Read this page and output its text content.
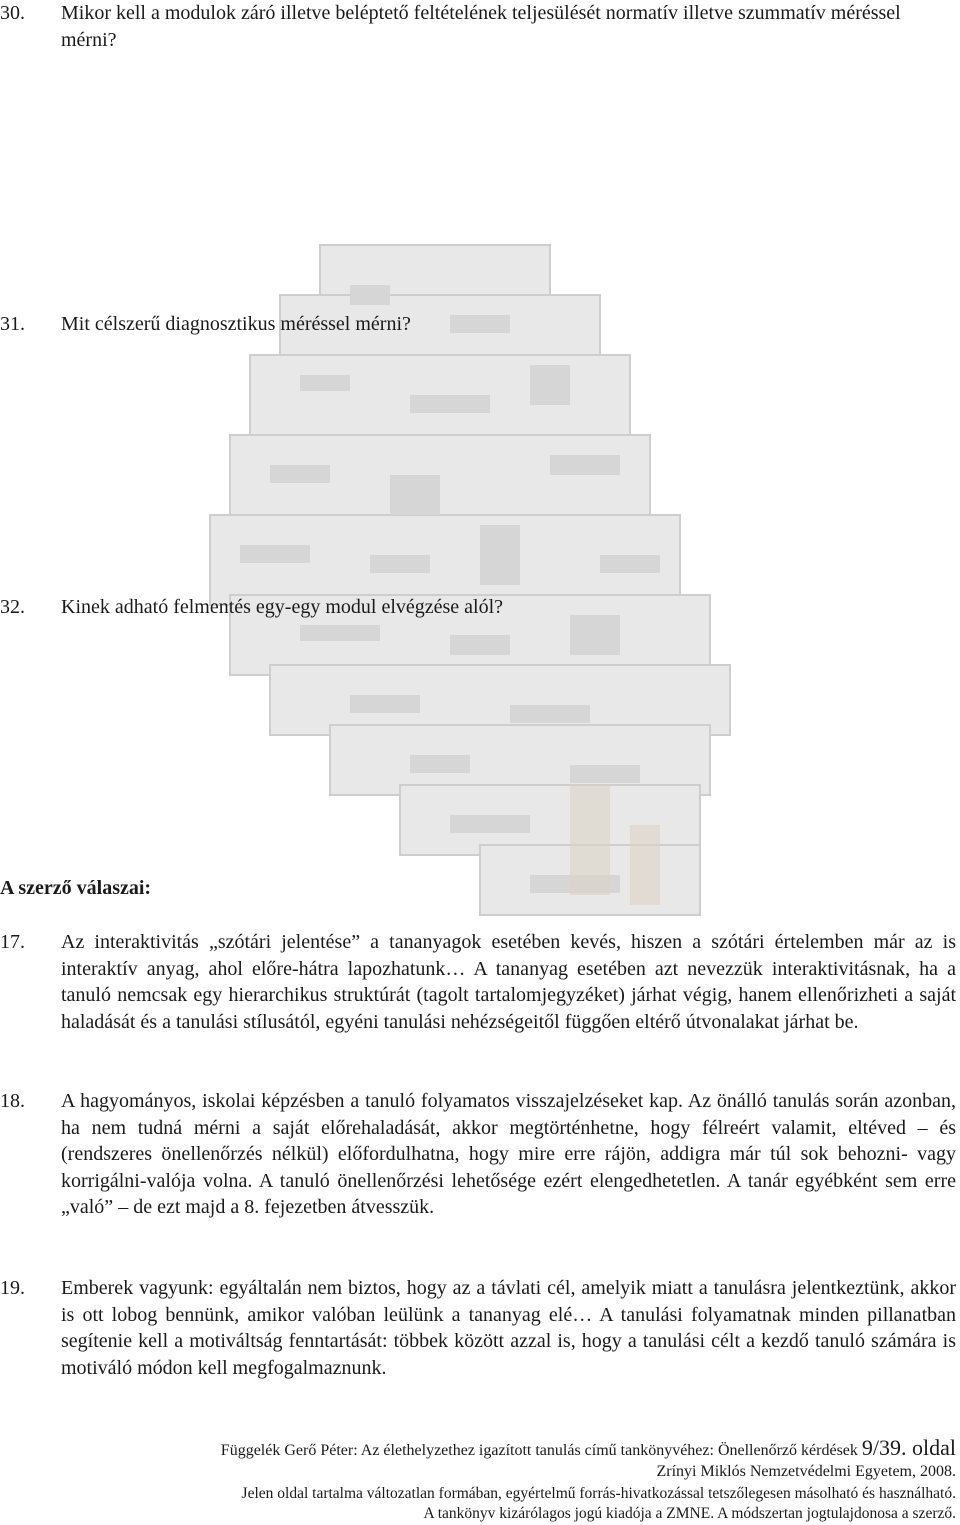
30. Mikor kell a modulok záró illetve beléptető feltételének teljesülését normatív illetve szummatív méréssel mérni?
31. Mit célszerű diagnosztikus méréssel mérni?
32. Kinek adható felmentés egy-egy modul elvégzése alól?
A szerző válaszai:
17. Az interaktivitás „szótári jelentése” a tananyagok esetében kevés, hiszen a szótári értelemben már az is interaktív anyag, ahol előre-hátra lapozhatunk… A tananyag esetében azt nevezzük interaktivitásnak, ha a tanuló nemcsak egy hierarchikus struktúrát (tagolt tartalomjegyzéket) járhat végig, hanem ellenőrizheti a saját haladását és a tanulási stílusától, egyéni tanulási nehézségeitől függően eltérő útvonalakat járhat be.
18. A hagyományos, iskolai képzésben a tanuló folyamatos visszajelzéseket kap. Az önálló tanulás során azonban, ha nem tudná mérni a saját előrehaladását, akkor megtörténhetne, hogy félreért valamit, eltéved – és (rendszeres önellenőrzés nélkül) előfordulhatna, hogy mire erre rájön, addigra már túl sok behozni- vagy korrigálni-valója volna. A tanuló önellenőrzési lehetősége ezért elengedhetetlen. A tanár egyébként sem erre „való” – de ezt majd a 8. fejezetben átvesszük.
19. Emberek vagyunk: egyáltalán nem biztos, hogy az a távlati cél, amelyik miatt a tanulásra jelentkeztünk, akkor is ott lobog bennünk, amikor valóban leülünk a tananyag elé… A tanulási folyamatnak minden pillanatban segítenie kell a motiváltság fenntartását: többek között azzal is, hogy a tanulási célt a kezdő tanuló számára is motiváló módon kell megfogalmaznunk.
Függelék Gerő Péter: Az élethelyzethez igazított tanulás című tankönyvéhez: Önellenőrző kérdések 9/39. oldal
Zrínyi Miklós Nemzetvédelmi Egyetem, 2008.
Jelen oldal tartalma változatlan formában, egyértelmű forrás-hivatkozással tetszőlegesen másolható és használható.
A tankönyv kizárólagos jogú kiadója a ZMNE. A módszertan jogtulajdonosa a szerző.
